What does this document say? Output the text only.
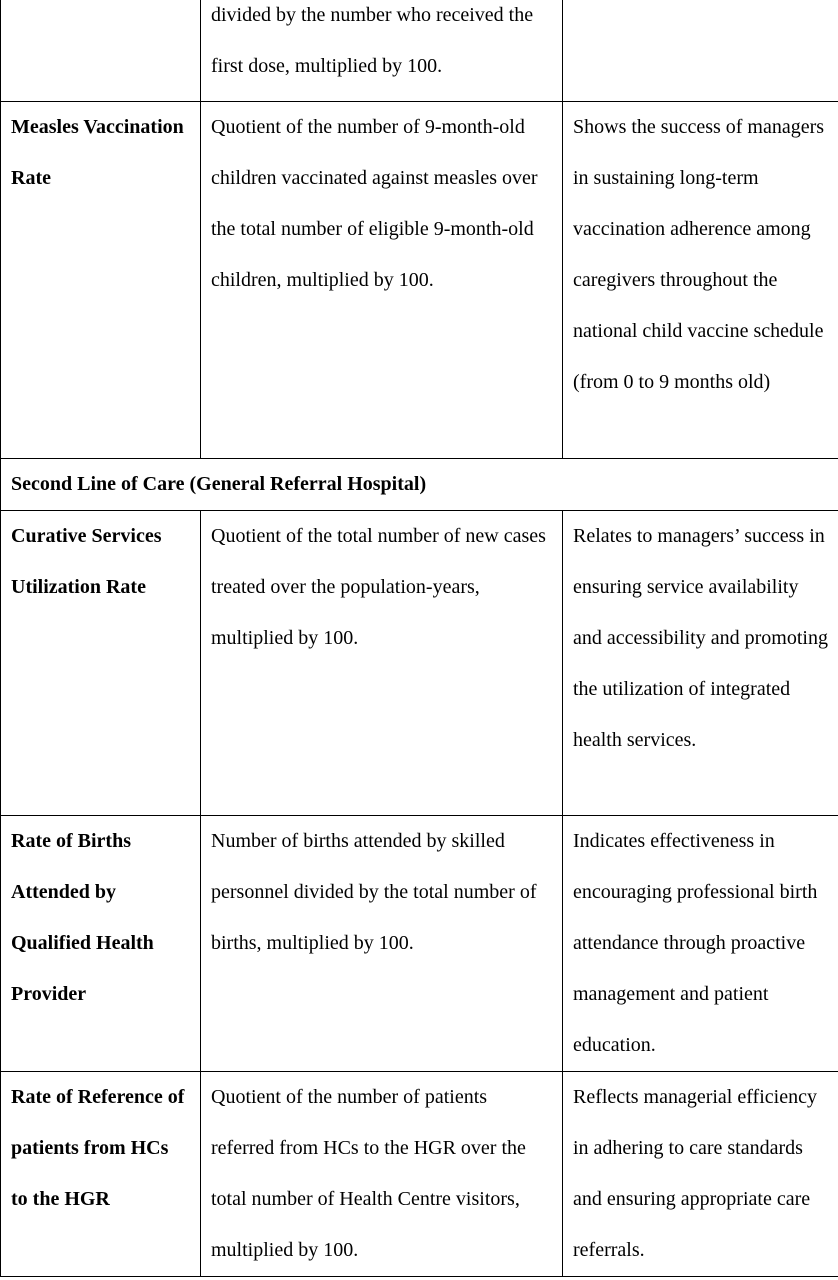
	divided by the number who received the first dose, multiplied by 100.	

Measles Vaccination Rate	Quotient of the number of 9-month-old children vaccinated against measles over the total number of eligible 9-month-old children, multiplied by 100.	Shows the success of managers in sustaining long-term vaccination adherence among caregivers throughout the national child vaccine schedule (from 0 to 9 months old)
Second Line of Care (General Referral Hospital)		
Curative Services Utilization Rate	Quotient of the total number of new cases treated over the population-years, multiplied by 100.	Relates to managers’ success in ensuring service availability and accessibility and promoting the utilization of integrated health services.
Rate of Births Attended by Qualified Health Provider	Number of births attended by skilled personnel divided by the total number of births, multiplied by 100.	Indicates effectiveness in encouraging professional birth attendance through proactive management and patient education.
Rate of Reference of patients from HCs to the HGR	Quotient of the number of patients referred from HCs to the HGR over the total number of Health Centre visitors, multiplied by 100.	Reflects managerial efficiency in adhering to care standards and ensuring appropriate care referrals.
